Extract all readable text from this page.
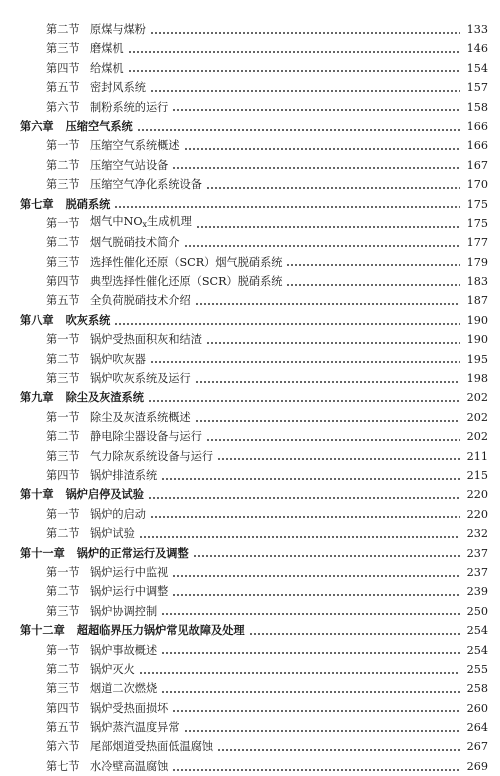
第二节 原煤与煤粉	133
第三节 磨煤机	146
第四节 给煤机	154
第五节 密封风系统	157
第六节 制粉系统的运行	158
第六章 压缩空气系统	166
第一节 压缩空气系统概述	166
第二节 压缩空气站设备	167
第三节 压缩空气净化系统设备	170
第七章 脱硝系统	175
第一节 烟气中$NO_x$生成机理	175
第二节 烟气脱硝技术简介	177
第三节 选择性催化还原（SCR）烟气脱硝系统	179
第四节 典型选择性催化还原（SCR）脱硝系统	183
第五节 全负荷脱硝技术介绍	187
第八章 吹灰系统	190
第一节 锅炉受热面积灰和结渣	190
第二节 锅炉吹灰器	195
第三节 锅炉吹灰系统及运行	198
第九章 除尘及灰渣系统	202
第一节 除尘及灰渣系统概述	202
第二节 静电除尘器设备与运行	202
第三节 气力除灰系统设备与运行	211
第四节 锅炉排渣系统	215
第十章 锅炉启停及试验	220
第一节 锅炉的启动	220
第二节 锅炉试验	232
第十一章 锅炉的正常运行及调整	237
第一节 锅炉运行中监视	237
第二节 锅炉运行中调整	239
第三节 锅炉协调控制	250
第十二章 超超临界压力锅炉常见故障及处理	254
第一节 锅炉事故概述	254
第二节 锅炉灭火	255
第三节 烟道二次燃烧	258
第四节 锅炉受热面损坏	260
第五节 锅炉蒸汽温度异常	264
第六节 尾部烟道受热面低温腐蚀	267
第七节 水冷壁高温腐蚀	269
